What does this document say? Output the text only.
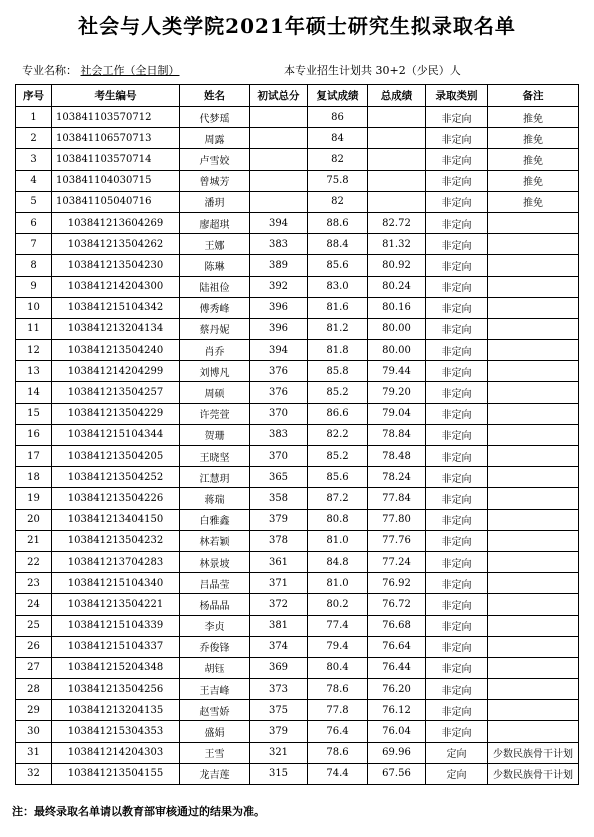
社会与人类学院2021年硕士研究生拟录取名单
专业名称： 社会工作（全日制）	本专业招生计划共 30+2（少民）人
序号	考生编号	姓名	初试总分	复试成绩	总成绩	录取类别	备注
1	103841103570712	代梦瑶		86		非定向	推免
2	103841106570713	周露		84		非定向	推免
3	103841103570714	卢雪姣		82		非定向	推免
4	103841104030715	曾城芳		75.8		非定向	推免
5	103841105040716	潘玥		82		非定向	推免
6	103841213604269	廖超琪	394	88.6	82.72	非定向	
7	103841213504262	王娜	383	88.4	81.32	非定向	
8	103841213504230	陈琳	389	85.6	80.92	非定向	
9	103841214204300	陆祖俭	392	83.0	80.24	非定向	
10	103841215104342	傅秀峰	396	81.6	80.16	非定向	
11	103841213204134	蔡丹妮	396	81.2	80.00	非定向	
12	103841213504240	肖乔	394	81.8	80.00	非定向	
13	103841214204299	刘博凡	376	85.8	79.44	非定向	
14	103841213504257	周硕	376	85.2	79.20	非定向	
15	103841213504229	许莞萱	370	86.6	79.04	非定向	
16	103841215104344	贺珊	383	82.2	78.84	非定向	
17	103841213504205	王晓坚	370	85.2	78.48	非定向	
18	103841213504252	江慧玥	365	85.6	78.24	非定向	
19	103841213504226	蒋瑞	358	87.2	77.84	非定向	
20	103841213404150	白雅鑫	379	80.8	77.80	非定向	
21	103841213504232	林若颖	378	81.0	77.76	非定向	
22	103841213704283	林景坡	361	84.8	77.24	非定向	
23	103841215104340	吕晶莹	371	81.0	76.92	非定向	
24	103841213504221	杨晶晶	372	80.2	76.72	非定向	
25	103841215104339	李贞	381	77.4	76.68	非定向	
26	103841215104337	乔俊锋	374	79.4	76.64	非定向	
27	103841215204348	胡钰	369	80.4	76.44	非定向	
28	103841213504256	王吉峰	373	78.6	76.20	非定向	
29	103841213204135	赵雪娇	375	77.8	76.12	非定向	
30	103841215304353	盛娟	379	76.4	76.04	非定向	
31	103841214204303	王雪	321	78.6	69.96	定向	少数民族骨干计划
32	103841213504155	龙吉莲	315	74.4	67.56	定向	少数民族骨干计划
注：最终录取名单请以教育部审核通过的结果为准。
